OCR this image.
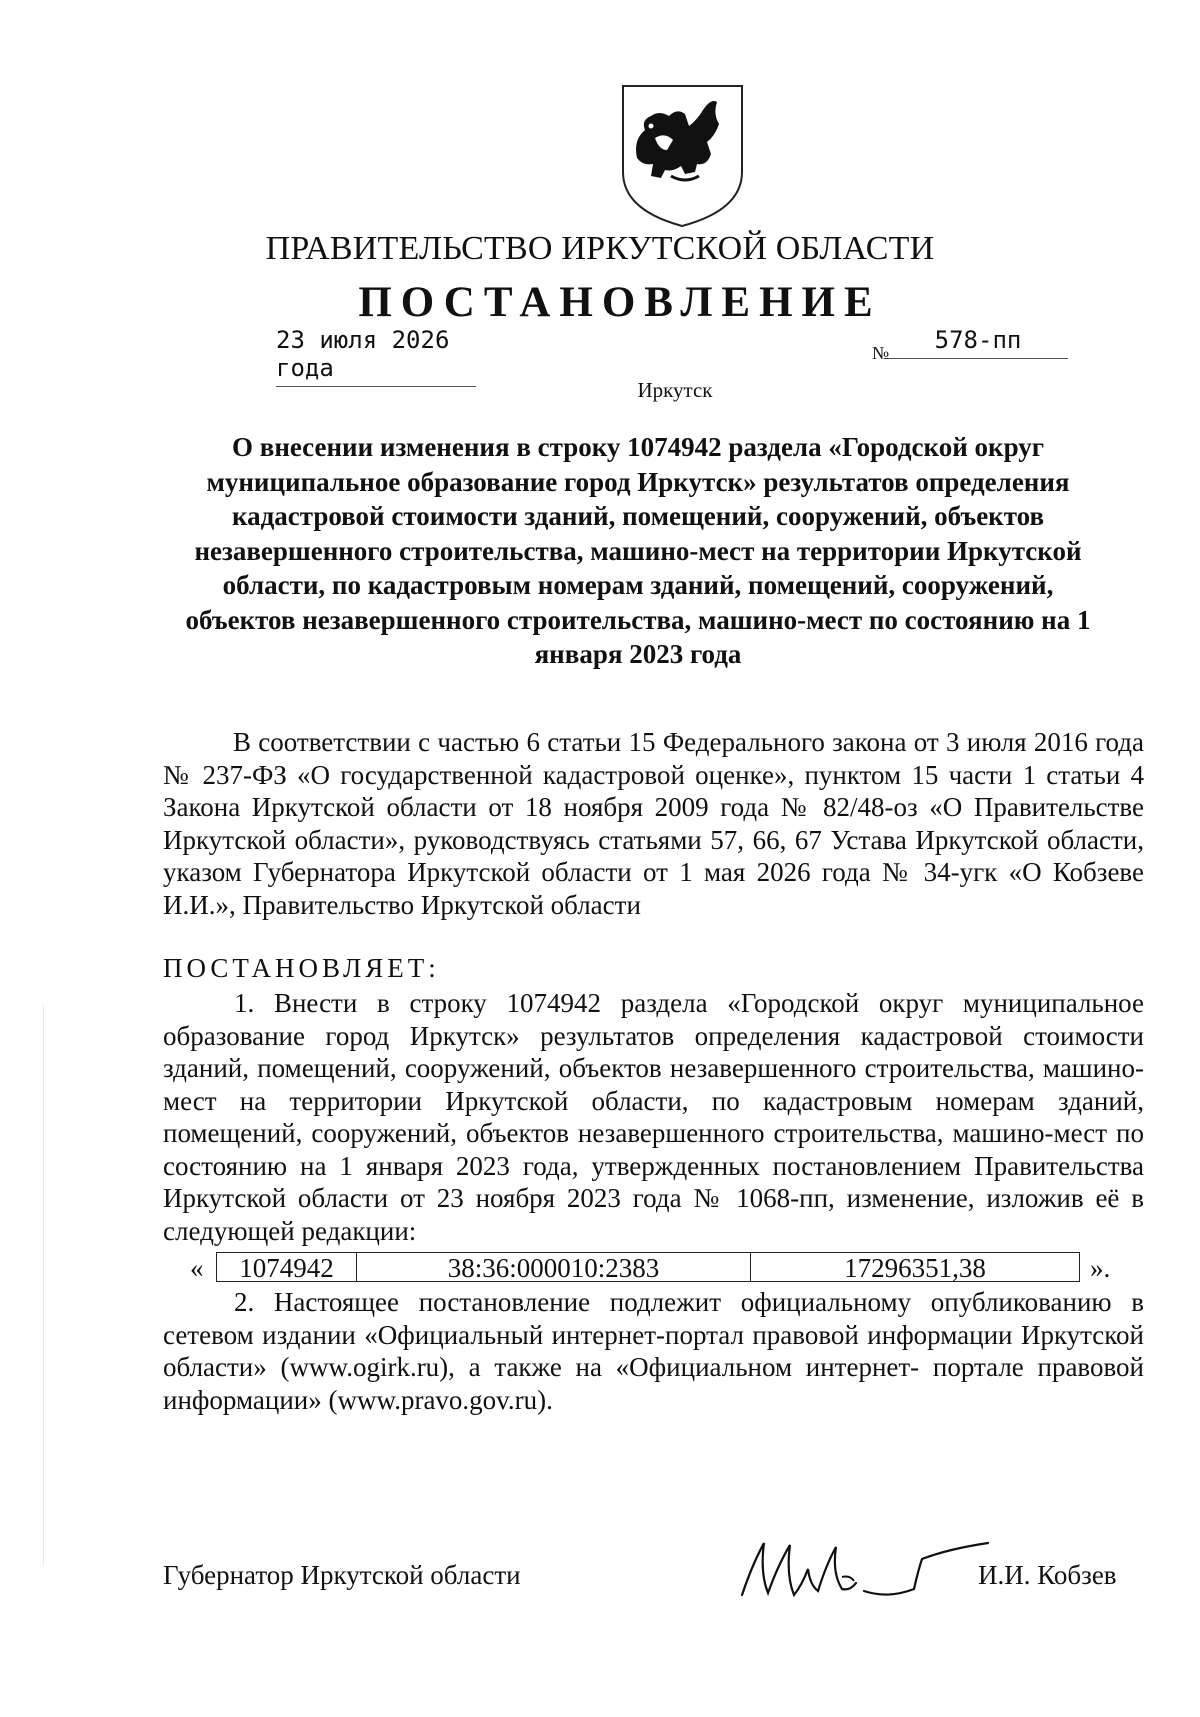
ПРАВИТЕЛЬСТВО ИРКУТСКОЙ ОБЛАСТИ
ПОСТАНОВЛЕНИЕ
23 июля 2026 года
№	578-пп
Иркутск
О внесении изменения в строку 1074942 раздела «Городской округ муниципальное образование город Иркутск» результатов определения кадастровой стоимости зданий, помещений, сооружений, объектов незавершенного строительства, машино-мест на территории Иркутской области, по кадастровым номерам зданий, помещений, сооружений, объектов незавершенного строительства, машино-мест по состоянию на 1 января 2023 года
В соответствии с частью 6 статьи 15 Федерального закона от 3 июля 2016 года № 237-ФЗ «О государственной кадастровой оценке», пунктом 15 части 1 статьи 4 Закона Иркутской области от 18 ноября 2009 года № 82/48-оз «О Правительстве Иркутской области», руководствуясь статьями 57, 66, 67 Устава Иркутской области, указом Губернатора Иркутской области от 1 мая 2026 года № 34-угк «О Кобзеве И.И.», Правительство Иркутской области
ПОСТАНОВЛЯЕТ:
1. Внести в строку 1074942 раздела «Городской округ муниципальное образование город Иркутск» результатов определения кадастровой стоимости зданий, помещений, сооружений, объектов незавершенного строительства, машино-мест на территории Иркутской области, по кадастровым номерам зданий, помещений, сооружений, объектов незавершенного строительства, машино-мест по состоянию на 1 января 2023 года, утвержденных постановлением Правительства Иркутской области от 23 ноября 2023 года № 1068-пп, изменение, изложив её в следующей редакции:
«	1074942	38:36:000010:2383	17296351,38	».
2. Настоящее постановление подлежит официальному опубликованию в сетевом издании «Официальный интернет-портал правовой информации Иркутской области» (www.ogirk.ru), а также на «Официальном интернет- портале правовой информации» (www.pravo.gov.ru).
Губернатор Иркутской области	И.И. Кобзев
